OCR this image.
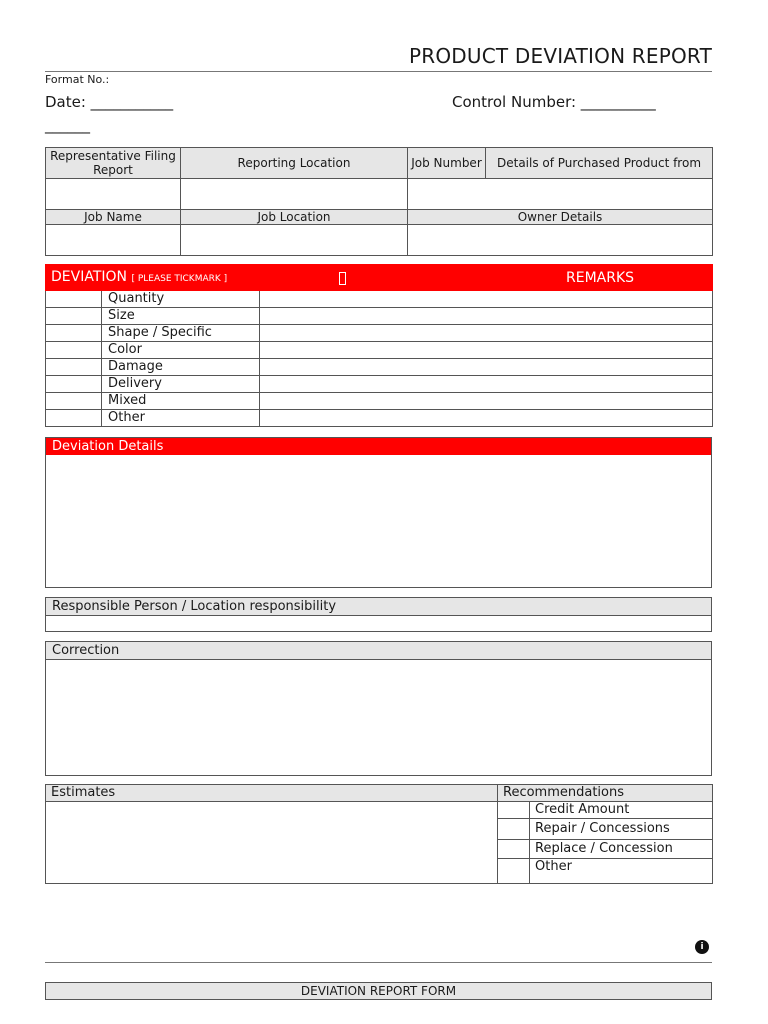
PRODUCT DEVIATION REPORT
Format No.:
Date: ___________	Control Number: __________
______
Representative Filing Report	Reporting Location	Job Number	Details of Purchased Product from

Job Name	Job Location	Owner Details	

DEVIATION [ PLEASE TICKMARK ]		REMARKS
	Quantity	
	Size	
	Shape / Specific	
	Color	
	Damage	
	Delivery	
	Mixed	
	Other	
Deviation Details
Responsible Person / Location responsibility
Correction
Estimates	Recommendations	
		Credit Amount
		Repair / Concessions
		Replace / Concession
		Other
i
DEVIATION REPORT FORM
